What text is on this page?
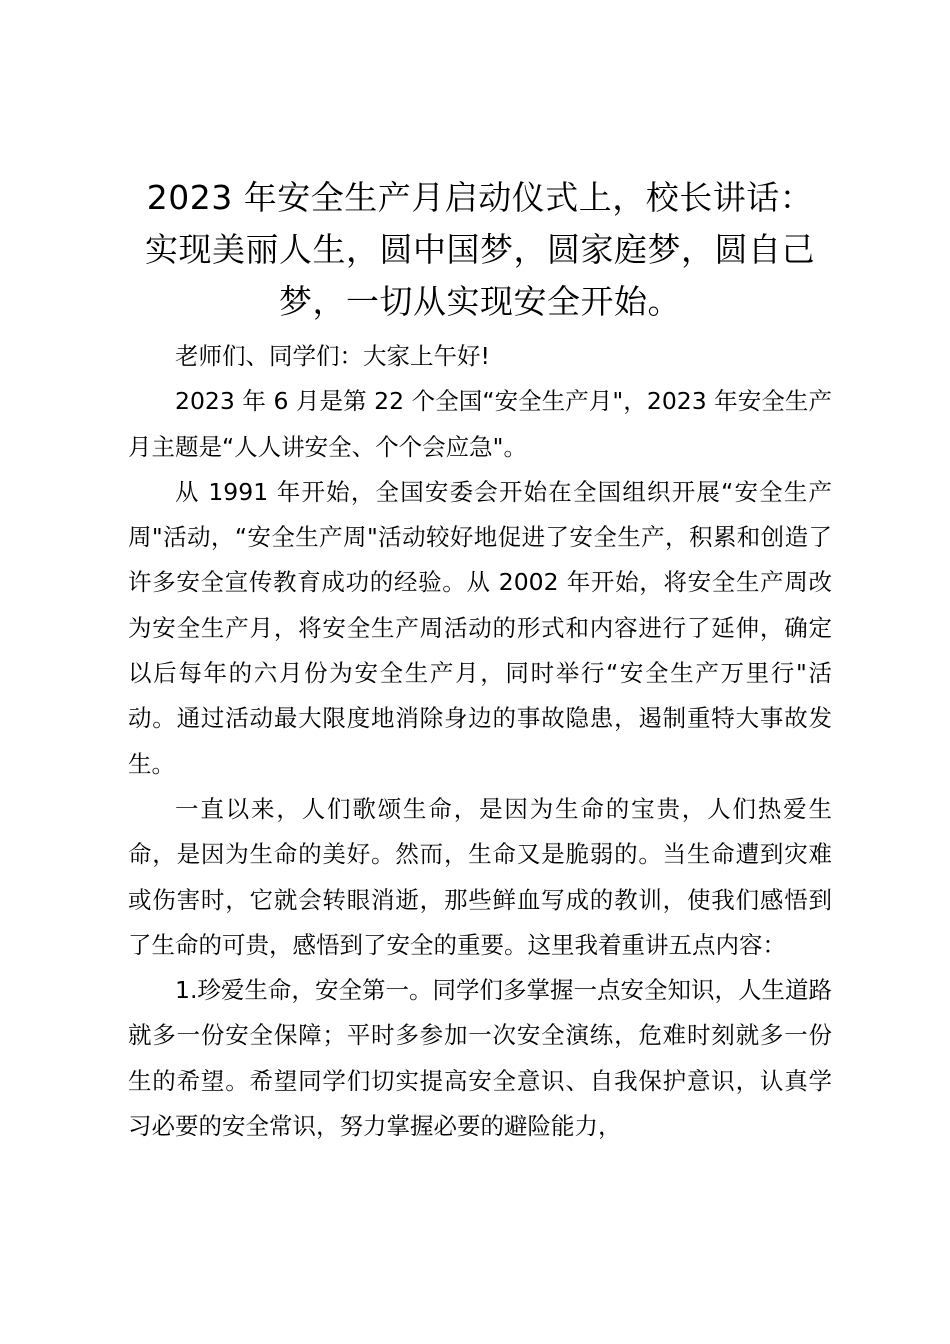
2023 年安全生产月启动仪式上，校长讲话：
实现美丽人生，圆中国梦，圆家庭梦，圆自己
梦，一切从实现安全开始。

老师们、同学们：大家上午好!

2023 年 6 月是第 22 个全国“安全生产月"，2023 年安全生产月主题是“人人讲安全、个个会应急"。

从 1991 年开始，全国安委会开始在全国组织开展“安全生产周"活动，“安全生产周"活动较好地促进了安全生产，积累和创造了许多安全宣传教育成功的经验。从 2002 年开始，将安全生产周改为安全生产月，将安全生产周活动的形式和内容进行了延伸，确定以后每年的六月份为安全生产月，同时举行“安全生产万里行"活动。通过活动最大限度地消除身边的事故隐患，遏制重特大事故发生。

一直以来，人们歌颂生命，是因为生命的宝贵，人们热爱生命，是因为生命的美好。然而，生命又是脆弱的。当生命遭到灾难或伤害时，它就会转眼消逝，那些鲜血写成的教训，使我们感悟到了生命的可贵，感悟到了安全的重要。这里我着重讲五点内容：

1.珍爱生命，安全第一。同学们多掌握一点安全知识，人生道路就多一份安全保障；平时多参加一次安全演练，危难时刻就多一份生的希望。希望同学们切实提高安全意识、自我保护意识，认真学习必要的安全常识，努力掌握必要的避险能力，
